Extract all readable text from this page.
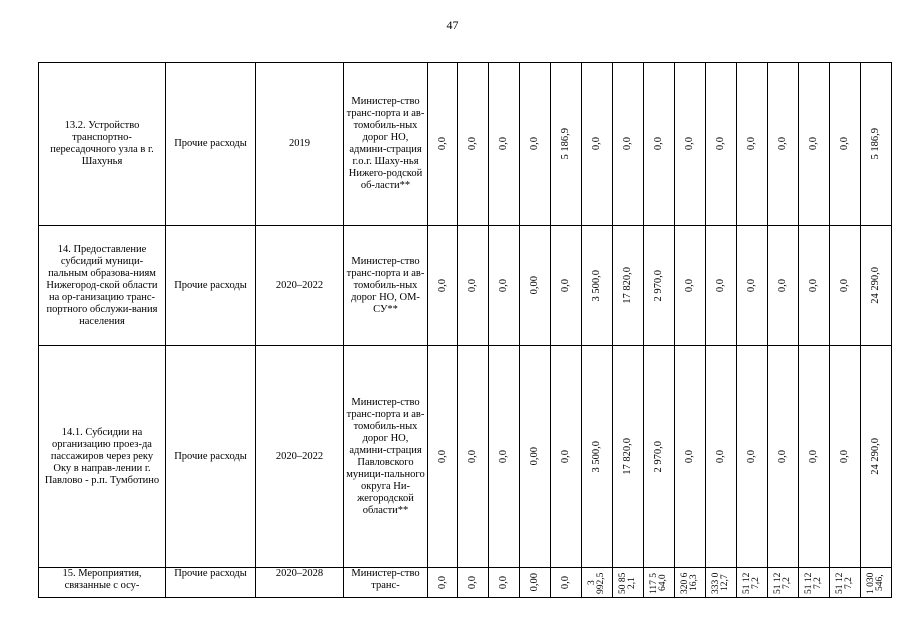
47
13.2. Устройство транспортно-пересадочного узла в г. Шахунья	Прочие расходы	2019	Министер-ство транс-порта и ав-томобиль-ных дорог НО, админи-страция г.о.г. Шаху-нья Нижего-родской об-ласти**	0,0	0,0	0,0	0,0	5 186,9	0,0	0,0	0,0	0,0	0,0	0,0	0,0	0,0	0,0	5 186,9

14. Предоставление субсидий муници-пальным образова-ниям Нижегород-ской области на ор-ганизацию транс-портного обслужи-вания населения	Прочие расходы	2020–2022	Министер-ство транс-порта и ав-томобиль-ных дорог НО, ОМ-СУ**	0,0	0,0	0,0	0,00	0,0	3 500,0	17 820,0	2 970,0	0,0	0,0	0,0	0,0	0,0	0,0	24 290,0

14.1. Субсидии на организацию проез-да пассажиров через реку Оку в направ-лении г. Павлово - р.п. Тумботино	Прочие расходы	2020–2022	Министер-ство транс-порта и ав-томобиль-ных дорог НО, админи-страция Павловского муници-пального округа Ни-жегородской области**	0,0	0,0	0,0	0,00	0,0	3 500,0	17 820,0	2 970,0	0,0	0,0	0,0	0,0	0,0	0,0	24 290,0

15. Мероприятия, связанные с осу-	Прочие расходы	2020–2028	Министер-ство транс-	0,0	0,0	0,0	0,00	0,0	3 992,5	50 85 2,1	117 5 64,0	320 6 16,3	333 0 12,7	51 12 7,2	51 12 7,2	51 12 7,2	51 12 7,2	1 030 546,
